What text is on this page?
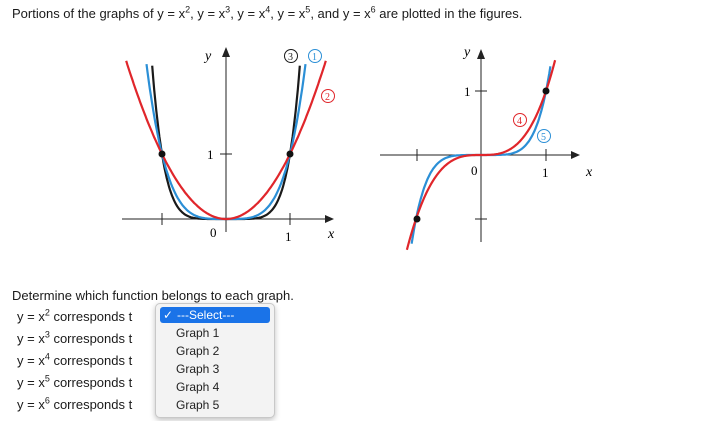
Portions of the graphs of $y = x^2$, $y = x^3$, $y = x^4$, $y = x^5$, and $y = x^6$ are plotted in the figures.
y
x
1
1
0
3 1
2
y
x
1
1
0
4
5
Determine which function belongs to each graph.
$y = x^2$ corresponds t
$y = x^3$ corresponds t
$y = x^4$ corresponds t
$y = x^5$ corresponds t
$y = x^6$ corresponds t
✓ ---Select---
Graph 1
Graph 2
Graph 3
Graph 4
Graph 5
